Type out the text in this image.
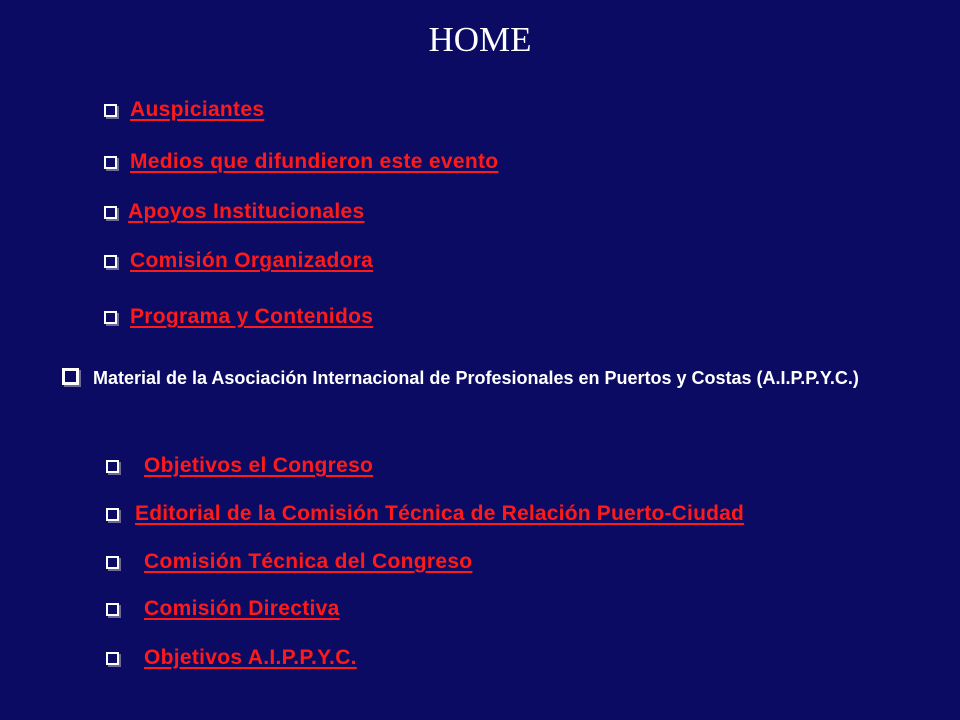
HOME
Auspiciantes
Medios que difundieron este evento
Apoyos Institucionales
Comisión Organizadora
Programa y Contenidos
Material de la Asociación Internacional de Profesionales en Puertos y Costas (A.I.P.P.Y.C.)
Objetivos el Congreso
Editorial de la Comisión Técnica de Relación Puerto-Ciudad
Comisión Técnica del Congreso
Comisión Directiva
Objetivos A.I.P.P.Y.C.
